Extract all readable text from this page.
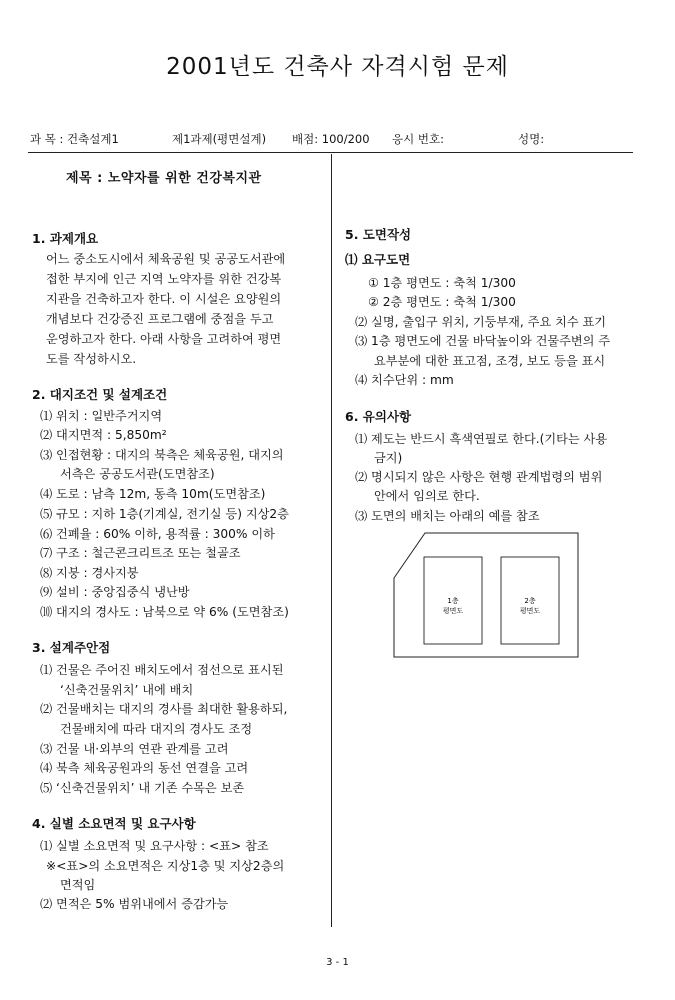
2001년도 건축사 자격시험 문제
과 목 : 건축설계1	제1과제(평면설계) 배점: 100/200 응시 번호:	성명:
제목 : 노약자를 위한 건강복지관
1. 과제개요
어느 중소도시에서 체육공원 및 공공도서관에
접한 부지에 인근 지역 노약자를 위한 건강복
지관을 건축하고자 한다. 이 시설은 요양원의
개념보다 건강증진 프로그램에 중점을 두고
운영하고자 한다. 아래 사항을 고려하여 평면
도를 작성하시오.
2. 대지조건 및 설계조건
⑴ 위치 : 일반주거지역
⑵ 대지면적 : 5,850m²
⑶ 인접현황 : 대지의 북측은 체육공원, 대지의
서측은 공공도서관(도면참조)
⑷ 도로 : 남측 12m, 동측 10m(도면참조)
⑸ 규모 : 지하 1층(기계실, 전기실 등) 지상2층
⑹ 건폐율 : 60% 이하, 용적률 : 300% 이하
⑺ 구조 : 철근콘크리트조 또는 철골조
⑻ 지붕 : 경사지붕
⑼ 설비 : 중앙집중식 냉난방
⑽ 대지의 경사도 : 남북으로 약 6% (도면참조)
3. 설계주안점
⑴ 건물은 주어진 배치도에서 점선으로 표시된
‘신축건물위치’ 내에 배치
⑵ 건물배치는 대지의 경사를 최대한 활용하되,
건물배치에 따라 대지의 경사도 조정
⑶ 건물 내·외부의 연관 관계를 고려
⑷ 북측 체육공원과의 동선 연결을 고려
⑸ ‘신축건물위치’ 내 기존 수목은 보존
4. 실별 소요면적 및 요구사항
⑴ 실별 소요면적 및 요구사항 : <표> 참조
※<표>의 소요면적은 지상1층 및 지상2층의
면적임
⑵ 면적은 5% 범위내에서 증감가능
5. 도면작성
⑴ 요구도면
① 1층 평면도 : 축척 1/300
② 2층 평면도 : 축척 1/300
⑵ 실명, 출입구 위치, 기둥부재, 주요 치수 표기
⑶ 1층 평면도에 건물 바닥높이와 건물주변의 주
요부분에 대한 표고점, 조경, 보도 등을 표시
⑷ 치수단위 : mm
6. 유의사항
⑴ 제도는 반드시 흑색연필로 한다.(기타는 사용
금지)
⑵ 명시되지 않은 사항은 현행 관계법령의 범위
안에서 임의로 한다.
⑶ 도면의 배치는 아래의 예를 참조
1층
평면도
2층
평면도
3 - 1
